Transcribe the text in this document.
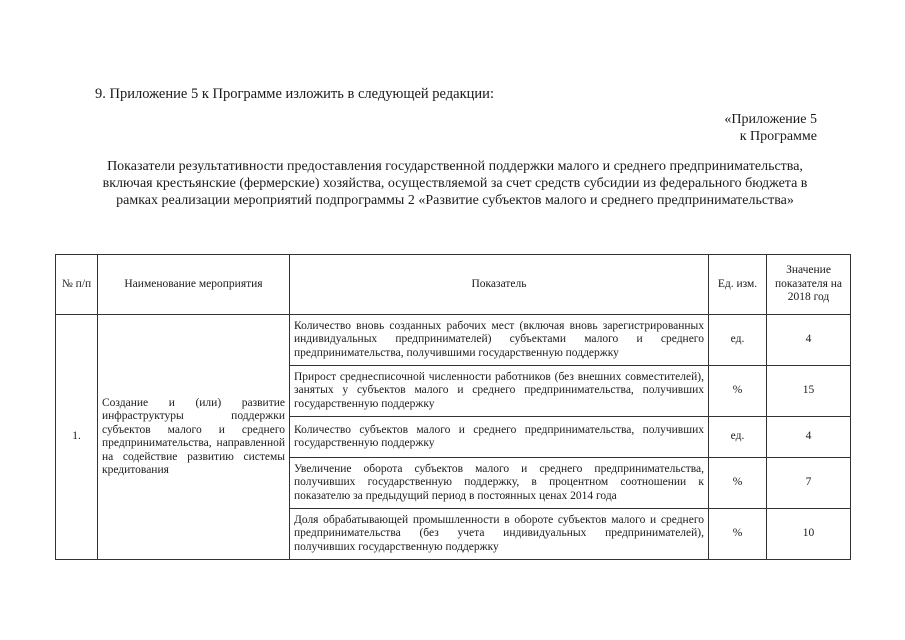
9. Приложение 5 к Программе изложить в следующей редакции:
«Приложение 5
к Программе
Показатели результативности предоставления государственной поддержки малого и среднего предпринимательства, включая крестьянские (фермерские) хозяйства, осуществляемой за счет средств субсидии из федерального бюджета в рамках реализации мероприятий подпрограммы 2 «Развитие субъектов малого и среднего предпринимательства»
№ п/п	Наименование мероприятия	Показатель	Ед. изм.	Значение показателя на 2018 год
1.	Создание и (или) развитие инфраструктуры поддержки субъектов малого и среднего предпринимательства, направленной на содействие развитию системы кредитования	Количество вновь созданных рабочих мест (включая вновь зарегистрированных индивидуальных предпринимателей) субъектами малого и среднего предпринимательства, получившими государственную поддержку	ед.	4
		Прирост среднесписочной численности работников (без внешних совместителей), занятых у субъектов малого и среднего предпринимательства, получивших государственную поддержку	%	15
		Количество субъектов малого и среднего предпринимательства, получивших государственную поддержку	ед.	4
		Увеличение оборота субъектов малого и среднего предпринимательства, получивших государственную поддержку, в процентном соотношении к показателю за предыдущий период в постоянных ценах 2014 года	%	7
		Доля обрабатывающей промышленности в обороте субъектов малого и среднего предпринимательства (без учета индивидуальных предпринимателей), получивших государственную поддержку	%	10
